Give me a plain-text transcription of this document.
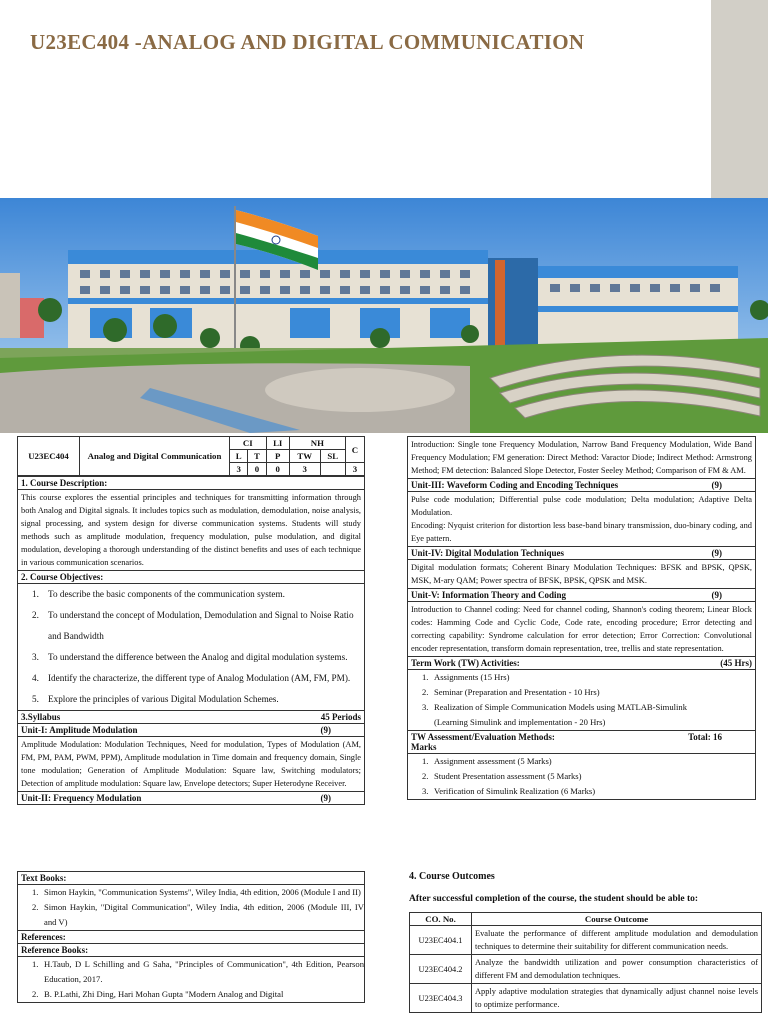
U23EC404 -ANALOG AND DIGITAL COMMUNICATION
U23EC404	Analog and Digital Communication	CI		LI	NH		C
		L	T	P	TW	SL	
		3	0	0	3		3
1. Course Description:
This course explores the essential principles and techniques for transmitting information through both Analog and Digital signals. It includes topics such as modulation, demodulation, noise analysis, signal processing, and system design for diverse communication systems. Students will study methods such as amplitude modulation, frequency modulation, pulse modulation, and digital modulation, developing a thorough understanding of the distinct benefits and uses of each technique in various communication scenarios.
2. Course Objectives:

1. To describe the basic components of the communication system.
2. To understand the concept of Modulation, Demodulation and Signal to Noise Ratio
and Bandwidth
3. To understand the difference between the Analog and digital modulation systems.
4. Identify the characterize, the different type of Analog Modulation (AM, FM, PM).
5. Explore the principles of various Digital Modulation Schemes.

3.Syllabus	45 Periods

Unit-I: Amplitude Modulation	(9)

Amplitude Modulation: Modulation Techniques, Need for modulation, Types of Modulation (AM, FM, PM, PAM, PWM, PPM), Amplitude modulation in Time domain and frequency domain, Single tone modulation; Generation of Amplitude Modulation: Square law, Switching modulators; Detection of amplitude modulation: Square law, Envelope detectors; Super Heterodyne Receiver.

Unit-II: Frequency Modulation	(9)
Introduction: Single tone Frequency Modulation, Narrow Band Frequency Modulation, Wide Band Frequency Modulation; FM generation: Direct Method: Varactor Diode; Indirect Method: Armstrong Method; FM detection: Balanced Slope Detector, Foster Seeley Method; Comparison of FM & AM.

Unit-III: Waveform Coding and Encoding Techniques	(9)

Pulse code modulation; Differential pulse code modulation; Delta modulation; Adaptive Delta Modulation.
Encoding: Nyquist criterion for distortion less base-band binary transmission, duo-binary coding, and Eye pattern.

Unit-IV: Digital Modulation Techniques	(9)

Digital modulation formats; Coherent Binary Modulation Techniques: BFSK and BPSK, QPSK, MSK, M-ary QAM; Power spectra of BFSK, BPSK, QPSK and MSK.

Unit-V: Information Theory and Coding	(9)

Introduction to Channel coding: Need for channel coding, Shannon's coding theorem; Linear Block codes: Hamming Code and Cyclic Code, Code rate, encoding procedure; Error detecting and correcting capability: Syndrome calculation for error detection; Error Correction: Convolutional encoder representation, transform domain representation, tree, trellis and state representation.

Term Work (TW) Activities:	(45 Hrs)

1. Assignments (15 Hrs)
2. Seminar (Preparation and Presentation - 10 Hrs)
3. Realization of Simple Communication Models using MATLAB-Simulink
(Learning Simulink and implementation - 20 Hrs)

TW Assessment/Evaluation Methods:	Total: 16
Marks

1. Assignment assessment (5 Marks)
2. Student Presentation assessment (5 Marks)
3. Verification of Simulink Realization (6 Marks)
Text Books:

1. Simon Haykin, "Communication Systems", Wiley India, 4th edition, 2006 (Module I and II)
2. Simon Haykin, "Digital Communication", Wiley India, 4th edition, 2006 (Module III, IV and V)

References:
Reference Books:

1. H.Taub, D L Schilling and G Saha, "Principles of Communication", 4th Edition, Pearson Education, 2017.
2. B. P.Lathi, Zhi Ding, Hari Mohan Gupta "Modern Analog and Digital
4. Course Outcomes
After successful completion of the course, the student should be able to:
CO. No.	Course Outcome
U23EC404.1	Evaluate the performance of different amplitude modulation and demodulation techniques to determine their suitability for different communication needs.
U23EC404.2	Analyze the bandwidth utilization and power consumption characteristics of different FM and demodulation techniques.
U23EC404.3	Apply adaptive modulation strategies that dynamically adjust channel noise levels to optimize performance.
